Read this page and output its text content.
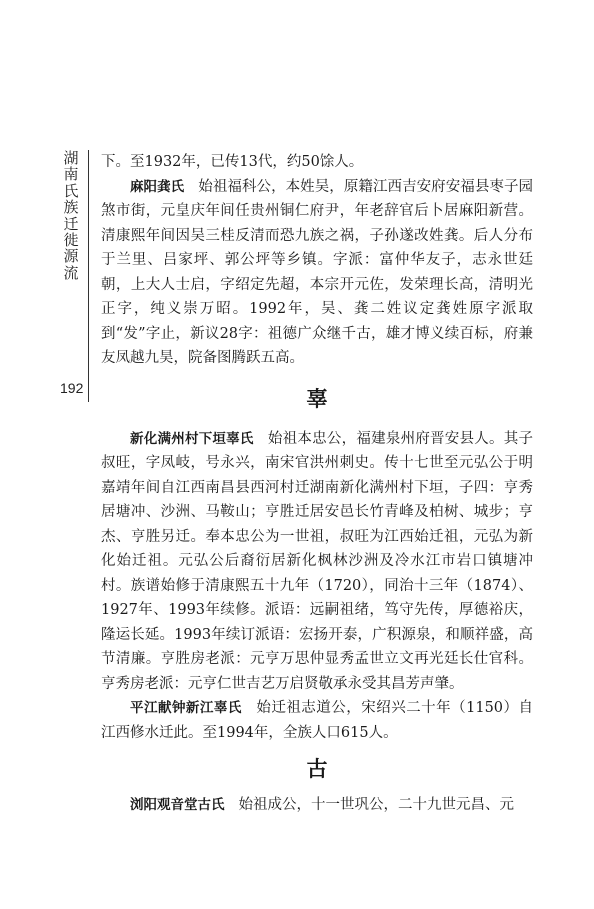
湖南氏族迁徙源流
192

下。至1932年，已传13代，约50馀人。

麻阳龚氏 始祖福科公，本姓吴，原籍江西吉安府安福县枣子园煞市街，元皇庆年间任贵州铜仁府尹，年老辞官后卜居麻阳新营。清康熙年间因吴三桂反清而恐九族之祸，子孙遂改姓龚。后人分布于兰里、吕家坪、郭公坪等乡镇。字派：富仲华友子，志永世廷朝，上大人士启，字绍定先超，本宗开元佐，发荣理长高，清明光正字，纯义崇万昭。1992年，吴、龚二姓议定龚姓原字派取到“发”字止，新议28字：祖德广众继千古，雄才博义续百标，府兼友凤越九昊，院备图腾跃五高。

辜

新化满州村下垣辜氏 始祖本忠公，福建泉州府晋安县人。其子叔旺，字凤岐，号永兴，南宋官洪州刺史。传十七世至元弘公于明嘉靖年间自江西南昌县西河村迁湖南新化满州村下垣，子四：亨秀居塘冲、沙洲、马鞍山；亨胜迁居安邑长竹青峰及柏树、城步；亨杰、亨胜另迁。奉本忠公为一世祖，叔旺为江西始迁祖，元弘为新化始迁祖。元弘公后裔衍居新化枫林沙洲及冷水江市岩口镇塘冲村。族谱始修于清康熙五十九年（1720），同治十三年（1874）、1927年、1993年续修。派语：远嗣祖绪，笃守先传，厚德裕庆，隆运长延。1993年续订派语：宏扬开泰，广积源泉，和顺祥盛，高节清廉。亨胜房老派：元亨万思仲显秀孟世立文再光廷长仕官科。亨秀房老派：元亨仁世吉艺万启贤敬承永受其昌芳声肇。

平江献钟新江辜氏 始迁祖志道公，宋绍兴二十年（1150）自江西修水迁此。至1994年，全族人口615人。

古

浏阳观音堂古氏 始祖成公，十一世巩公，二十九世元昌、元
